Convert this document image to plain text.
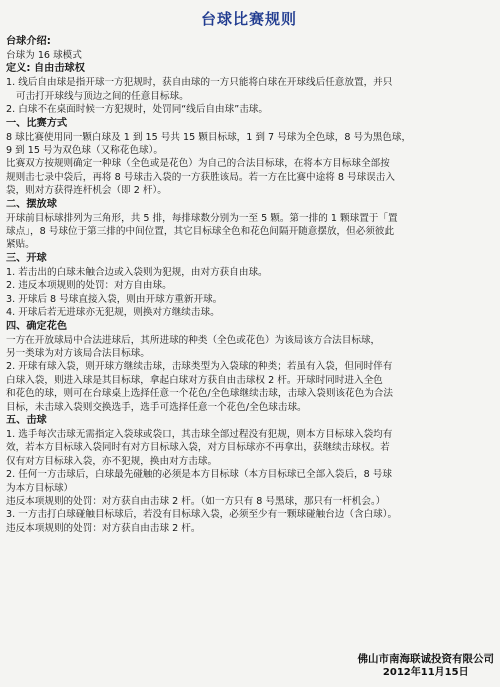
台球比赛规则

台球介绍:

台球为 16 球模式

定义: 自由击球权

1. 线后自由球是指开球一方犯规时，获自由球的一方只能将白球在开球线后任意放置，并只

可击打开球线与顶边之间的任意目标球。

2. 白球不在桌面时候一方犯规时，处罚同“线后自由球”击球。

一、比赛方式

8 球比赛使用同一颗白球及 1 到 15 号共 15 颗目标球，1 到 7 号球为全色球，8 号为黑色球，

9 到 15 号为双色球（又称花色球）。

比赛双方按规则确定一种球（全色或是花色）为自己的合法目标球，在将本方目标球全部按

规则击七录中袋后，再将 8 号球击入袋的一方获胜该局。若一方在比赛中途将 8 号球误击入

袋，则对方获得连杆机会（即 2 杆）。

二、摆放球

开球前目标球排列为三角形，共 5 排，每排球数分别为一至 5 颗。第一排的 1 颗球置于「置

球点」，8 号球位于第三排的中间位置，其它目标球全色和花色间隔开随意摆放，但必须彼此

紧贴。

三、开球

1. 若击出的白球未触合边或入袋则为犯规，由对方获自由球。

2. 违反本项规则的处罚：对方自由球。

3. 开球后 8 号球直接入袋，则由开球方重新开球。

4. 开球后若无进球亦无犯规，则换对方继续击球。

四、确定花色

一方在开放球局中合法进球后，其所进球的种类（全色或花色）为该局该方合法目标球，

另一类球为对方该局合法目标球。

2. 开球有球入袋，则开球方继续击球，击球类型为入袋球的种类；若虽有入袋，但同时伴有

白球入袋，则进入球是其目标球，拿起白球对方获自由击球权 2 杆。开球时同时进入全色

和花色的球，则可在台球桌上选择任意一个花色/全色球继续击球，击球入袋则该花色为合法

目标，未击球入袋则交换选手，选手可选择任意一个花色/全色球击球。

五、击球

1. 选手每次击球无需指定入袋球或袋口，其击球全部过程没有犯规，则本方目标球入袋均有

效，若本方目标球入袋同时有对方目标球入袋，对方目标球亦不再拿出，获继续击球权。若

仅有对方目标球入袋，亦不犯规，换由对方击球。

2. 任何一方击球后，白球最先碰触的必须是本方目标球（本方目标球已全部入袋后，8 号球

为本方目标球）

违反本项规则的处罚：对方获自由击球 2 杆。（如一方只有 8 号黑球，那只有一杆机会。）

3. 一方击打白球碰触目标球后，若没有目标球入袋，必须至少有一颗球碰触台边（含白球）。

违反本项规则的处罚：对方获自由击球 2 杆。

佛山市南海联诚投资有限公司
2012年11月15日
